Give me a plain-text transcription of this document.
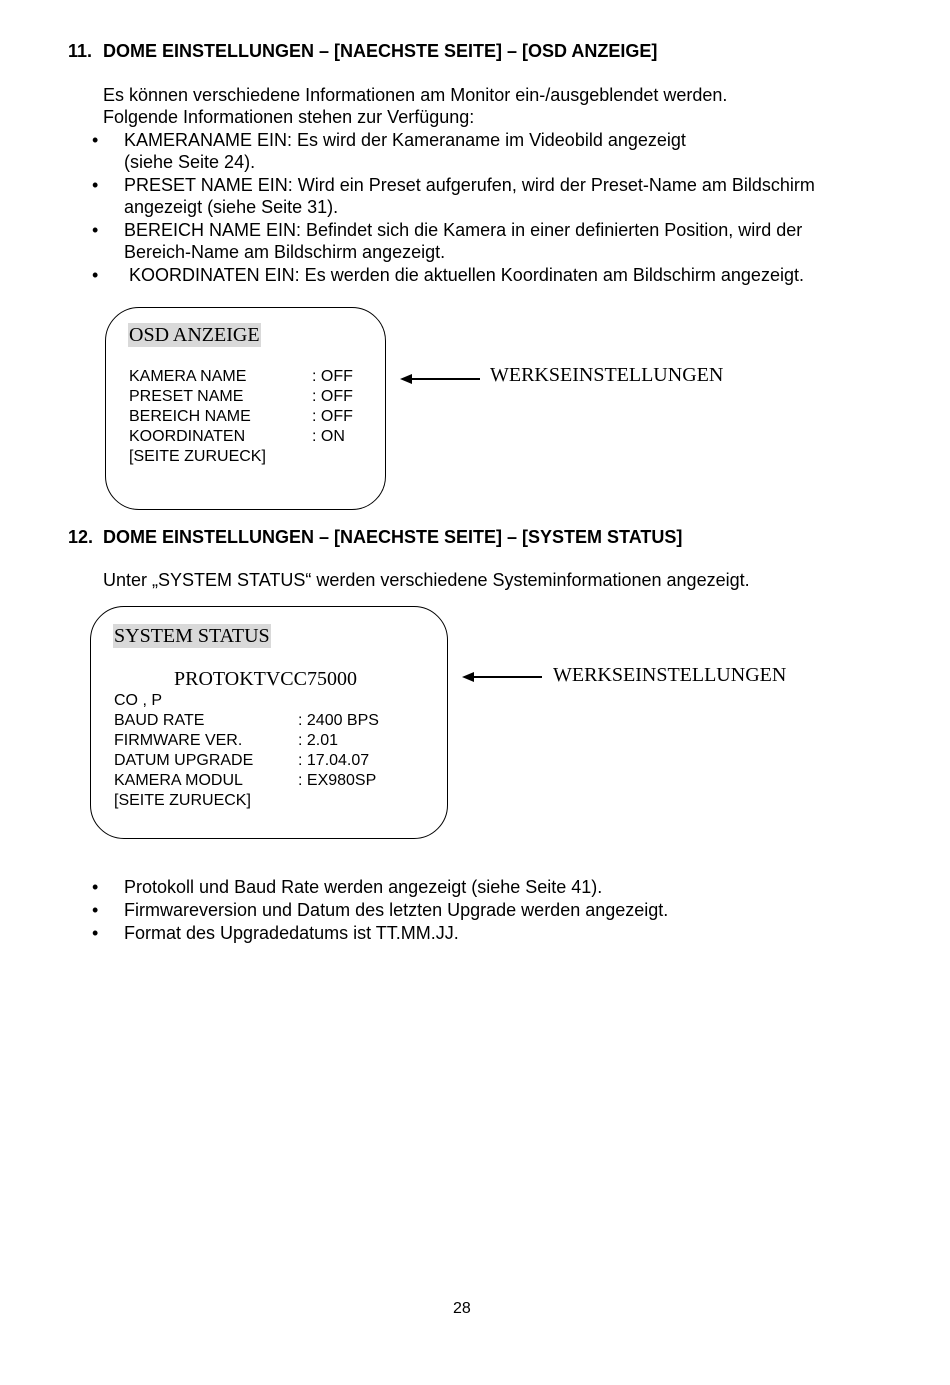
11. DOME EINSTELLUNGEN – [NAECHSTE SEITE] – [OSD ANZEIGE]
Es können verschiedene Informationen am Monitor ein-/ausgeblendet werden.
Folgende Informationen stehen zur Verfügung:
• KAMERANAME EIN: Es wird der Kameraname im Videobild angezeigt
(siehe Seite 24).
• PRESET NAME EIN: Wird ein Preset aufgerufen, wird der Preset-Name am Bildschirm
angezeigt (siehe Seite 31).
• BEREICH NAME EIN: Befindet sich die Kamera in einer definierten Position, wird der
Bereich-Name am Bildschirm angezeigt.
• KOORDINATEN EIN: Es werden die aktuellen Koordinaten am Bildschirm angezeigt.
OSD ANZEIGE
KAMERA NAME	: OFF
PRESET NAME	: OFF
BEREICH NAME	: OFF
KOORDINATEN	: ON
[SEITE ZURUECK]
WERKSEINSTELLUNGEN
12. DOME EINSTELLUNGEN – [NAECHSTE SEITE] – [SYSTEM STATUS]
Unter „SYSTEM STATUS“ werden verschiedene Systeminformationen angezeigt.
SYSTEM STATUS
PROTOKTVCC75000
CO , P
BAUD RATE	: 2400 BPS
FIRMWARE VER.	: 2.01
DATUM UPGRADE	: 17.04.07
KAMERA MODUL	: EX980SP
[SEITE ZURUECK]
WERKSEINSTELLUNGEN
• Protokoll und Baud Rate werden angezeigt (siehe Seite 41).
• Firmwareversion und Datum des letzten Upgrade werden angezeigt.
• Format des Upgradedatums ist TT.MM.JJ.
28
